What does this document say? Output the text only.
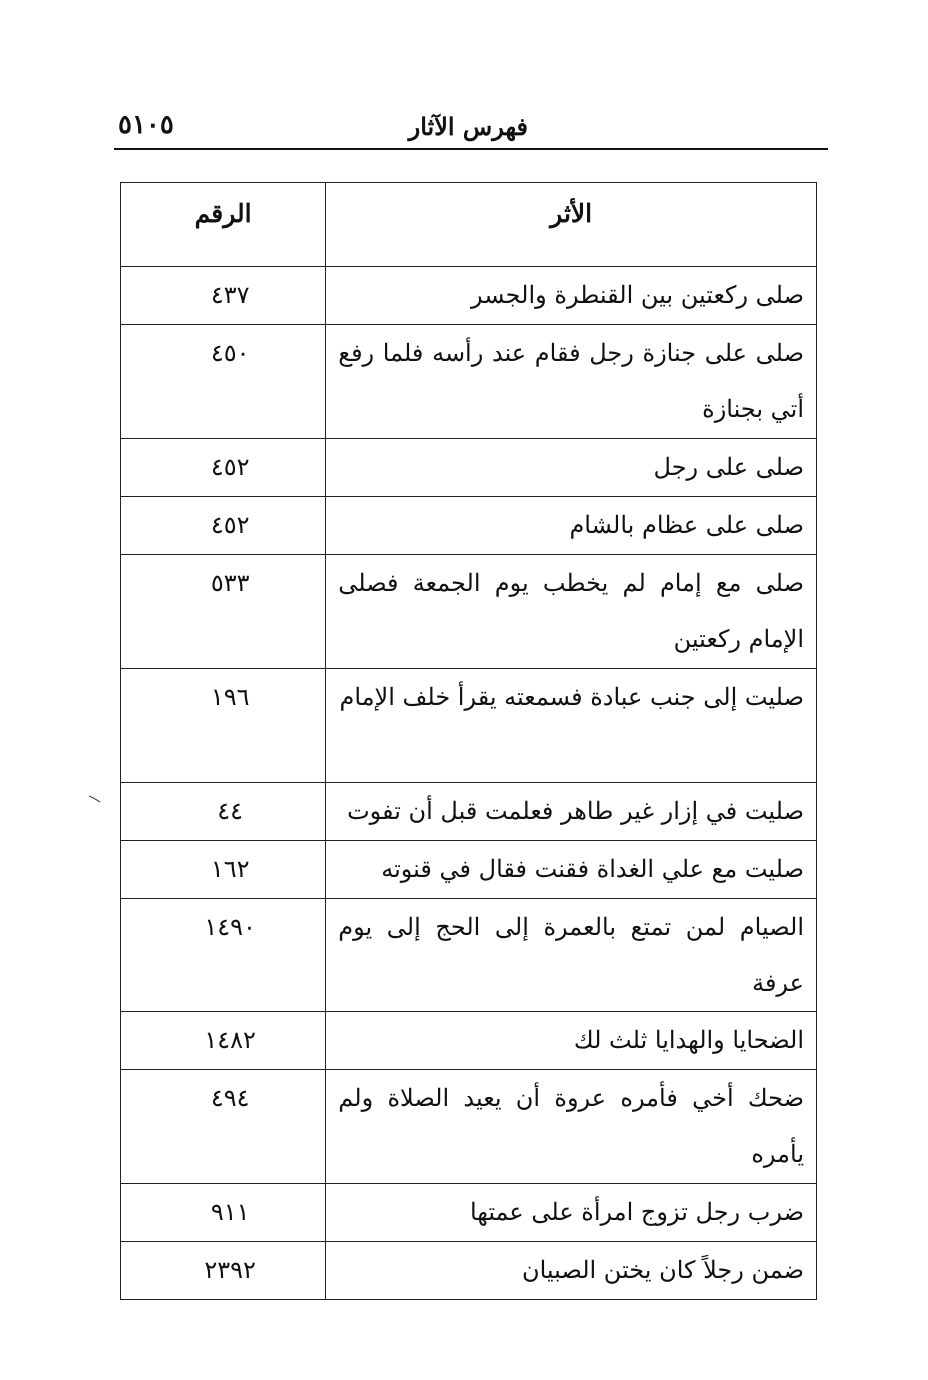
فهرس الآثار
٥١٠٥
الأثر	الرقم

صلى ركعتين بين القنطرة والجسر	٤٣٧

صلى على جنازة رجل فقام عند رأسه فلما رفع أتي بجنازة	٤٥٠

صلى على رجل	٤٥٢

صلى على عظام بالشام	٤٥٢

صلى مع إمام لم يخطب يوم الجمعة فصلى الإمام ركعتين	٥٣٣

صليت إلى جنب عبادة فسمعته يقرأ خلف الإمام	١٩٦

صليت في إزار غير طاهر فعلمت قبل أن تفوت	٤٤

صليت مع علي الغداة فقنت فقال في قنوته	١٦٢

الصيام لمن تمتع بالعمرة إلى الحج إلى يوم عرفة	١٤٩٠

الضحايا والهدايا ثلث لك	١٤٨٢

ضحك أخي فأمره عروة أن يعيد الصلاة ولم يأمره	٤٩٤

ضرب رجل تزوج امرأة على عمتها	٩١١

ضمن رجلاً كان يختن الصبيان	٢٣٩٢
